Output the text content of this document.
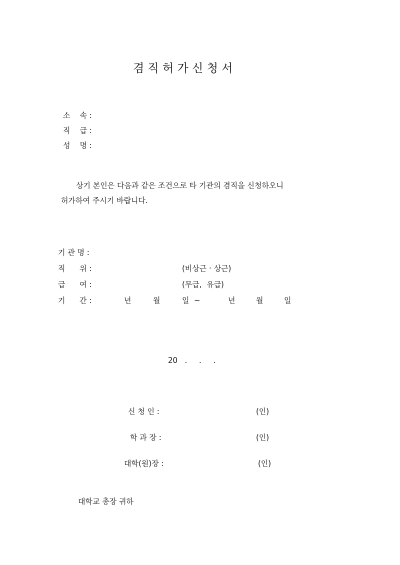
겸 직 허 가 신 청 서
소    속 :
직    급 :
성    명 :
상기 본인은 다음과 같은 조건으로 타 기관의 겸직을 신청하오니
허가하여 주시기 바랍니다.
기 관 명 :
직      위 :	(비상근 · 상근)
급      여 :	(무급,  유급)
기      간 :	년	월	일  ~	년	월	일
20   .     .     .
신 청 인 :	(인)
학 과 장 :	(인)
대학(원)장 :	(인)
대학교 총장 귀하
